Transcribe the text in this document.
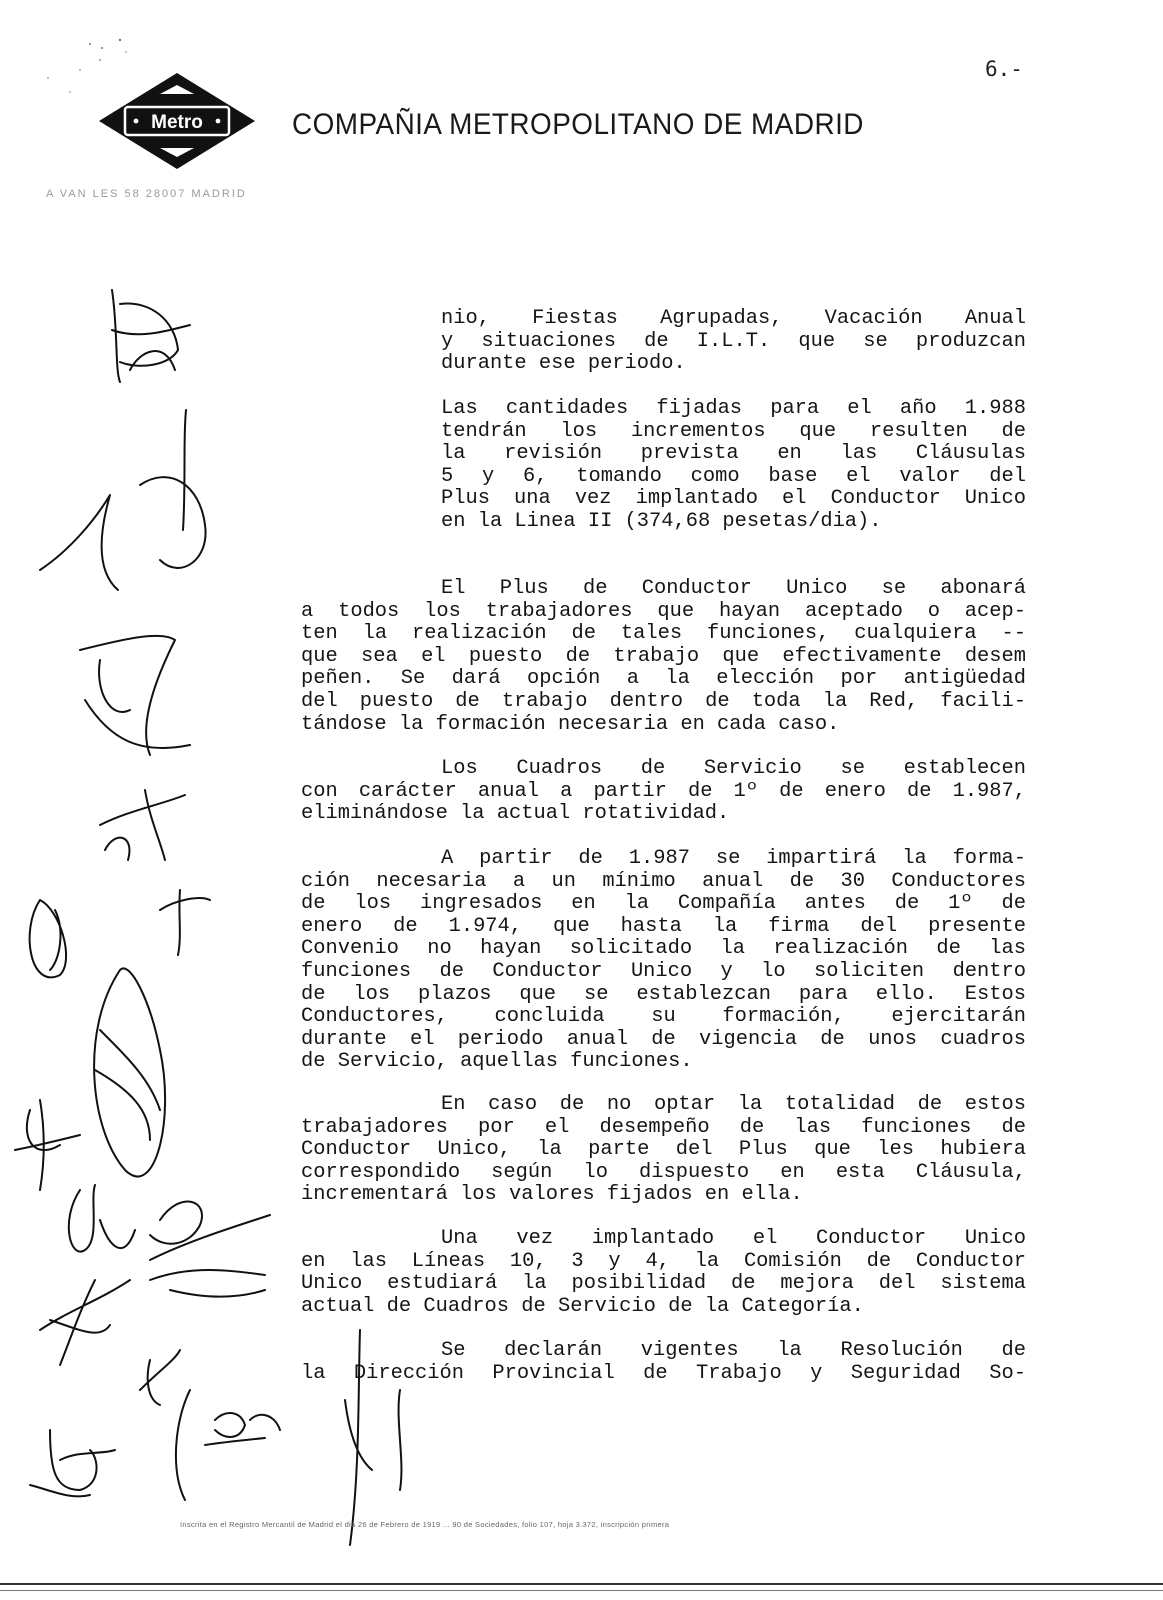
6.-
Metro	COMPAÑIA METROPOLITANO DE MADRID
A VAN LES 58 28007 MADRID
nio, Fiestas Agrupadas, Vacación Anual
y situaciones de I.L.T. que se produzcan
durante ese periodo.
Las cantidades fijadas para el año 1.988
tendrán los incrementos que resulten de
la revisión prevista en las Cláusulas
5 y 6, tomando como base el valor del
Plus una vez implantado el Conductor Unico
en la Linea II (374,68 pesetas/dia).
El Plus de Conductor Unico se abonará
a todos los trabajadores que hayan aceptado o acep-
ten la realización de tales funciones, cualquiera --
que sea el puesto de trabajo que efectivamente desem
peñen. Se dará opción a la elección por antigüedad
del puesto de trabajo dentro de toda la Red, facili-
tándose la formación necesaria en cada caso.
Los Cuadros de Servicio se establecen
con carácter anual a partir de 1º de enero de 1.987,
eliminándose la actual rotatividad.
A partir de 1.987 se impartirá la forma-
ción necesaria a un mínimo anual de 30 Conductores
de los ingresados en la Compañía antes de 1º de
enero de 1.974, que hasta la firma del presente
Convenio no hayan solicitado la realización de las
funciones de Conductor Unico y lo soliciten dentro
de los plazos que se establezcan para ello. Estos
Conductores, concluida su formación, ejercitarán
durante el periodo anual de vigencia de unos cuadros
de Servicio, aquellas funciones.
En caso de no optar la totalidad de estos
trabajadores por el desempeño de las funciones de
Conductor Unico, la parte del Plus que les hubiera
correspondido según lo dispuesto en esta Cláusula,
incrementará los valores fijados en ella.
Una vez implantado el Conductor Unico
en las Líneas 10, 3 y 4, la Comisión de Conductor
Unico estudiará la posibilidad de mejora del sistema
actual de Cuadros de Servicio de la Categoría.
Se declarán vigentes la Resolución de
la Dirección Provincial de Trabajo y Seguridad So-
Inscrita en el Registro Mercantil de Madrid el dia 26 de Febrero de 1919 ... 90 de Sociedades, folio 107, hoja 3.372, inscripción primera
